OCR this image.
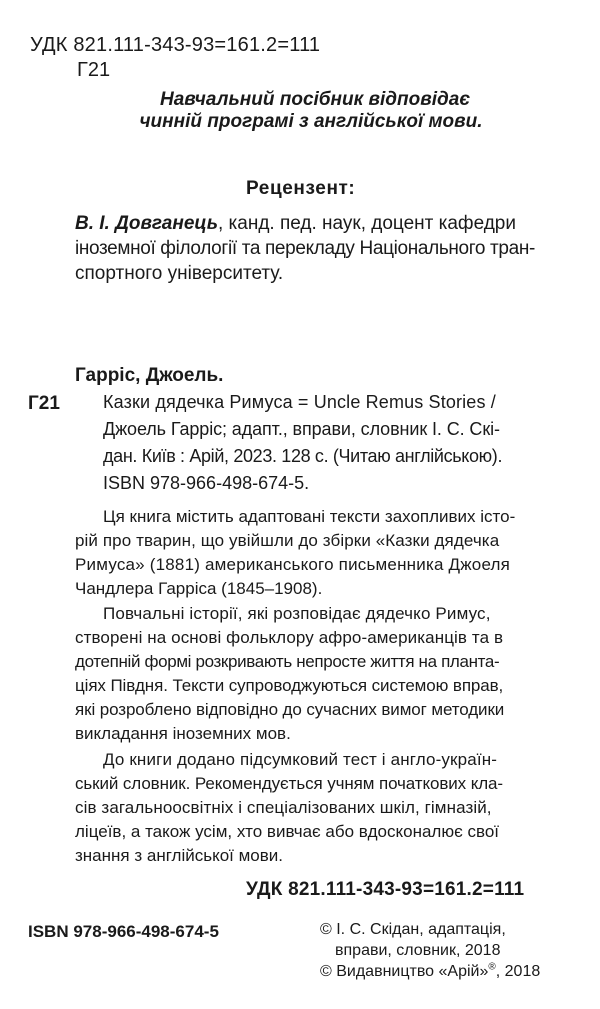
УДК 821.111-343-93=161.2=111
Г21
Навчальний посібник відповідає
чинній програмі з англійської мови.
Рецензент:
В. І. Довганець, канд. пед. наук, доцент кафедри
іноземної філології та перекладу Національного тран-
спортного університету.
Гарріс, Джоель.
Г21 Казки дядечка Римуса = Uncle Remus Stories /
Джоель Гарріс; адапт., вправи, словник І. С. Скі-
дан. Київ : Арій, 2023. 128 с. (Читаю англійською).
ISBN 978-966-498-674-5.
Ця книга містить адаптовані тексти захопливих істо-
рій про тварин, що увійшли до збірки «Казки дядечка
Римуса» (1881) американського письменника Джоеля
Чандлера Гарріса (1845–1908).
Повчальні історії, які розповідає дядечко Римус,
створені на основі фольклору афро-американців та в
дотепній формі розкривають непросте життя на планта-
ціях Півдня. Тексти супроводжуються системою вправ,
які розроблено відповідно до сучасних вимог методики
викладання іноземних мов.
До книги додано підсумковий тест і англо-україн-
ський словник. Рекомендується учням початкових кла-
сів загальноосвітніх і спеціалізованих шкіл, гімназій,
ліцеїв, а також усім, хто вивчає або вдосконалює свої
знання з англійської мови.
УДК 821.111-343-93=161.2=111
ISBN 978-966-498-674-5	© І. С. Скідан, адаптація,
вправи, словник, 2018
© Видавництво «Арій»®, 2018
